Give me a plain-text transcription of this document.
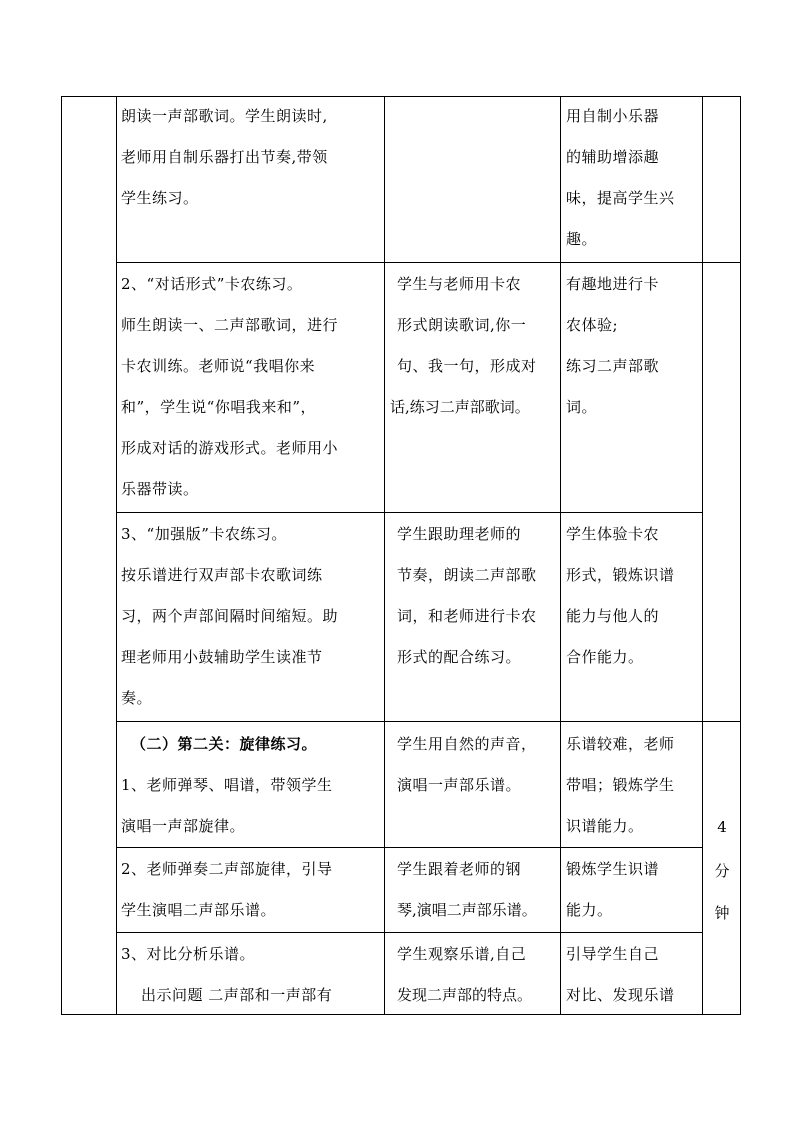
朗读一声部歌词。学生朗读时,
老师用自制乐器打出节奏,带领
学生练习。
用自制小乐器
的辅助增添趣
味，提高学生兴
趣。
2、“对话形式”卡农练习。
师生朗读一、二声部歌词，进行
卡农训练。老师说“我唱你来
和”，学生说“你唱我来和”，
形成对话的游戏形式。老师用小
乐器带读。
学生与老师用卡农
形式朗读歌词,你一
句、我一句，形成对
话,练习二声部歌词。
有趣地进行卡
农体验;
练习二声部歌
词。
3、“加强版”卡农练习。
按乐谱进行双声部卡农歌词练
习，两个声部间隔时间缩短。助
理老师用小鼓辅助学生读准节
奏。
学生跟助理老师的
节奏，朗读二声部歌
词，和老师进行卡农
形式的配合练习。
学生体验卡农
形式，锻炼识谱
能力与他人的
合作能力。
（二）第二关：旋律练习。
1、老师弹琴、唱谱，带领学生
演唱一声部旋律。
学生用自然的声音，
演唱一声部乐谱。
乐谱较难，老师
带唱；锻炼学生
识谱能力。
2、老师弹奏二声部旋律，引导
学生演唱二声部乐谱。
学生跟着老师的钢
琴,演唱二声部乐谱。
锻炼学生识谱
能力。
3、对比分析乐谱。
出示问题 二声部和一声部有
学生观察乐谱,自己
发现二声部的特点。
引导学生自己
对比、发现乐谱
4
分
钟
